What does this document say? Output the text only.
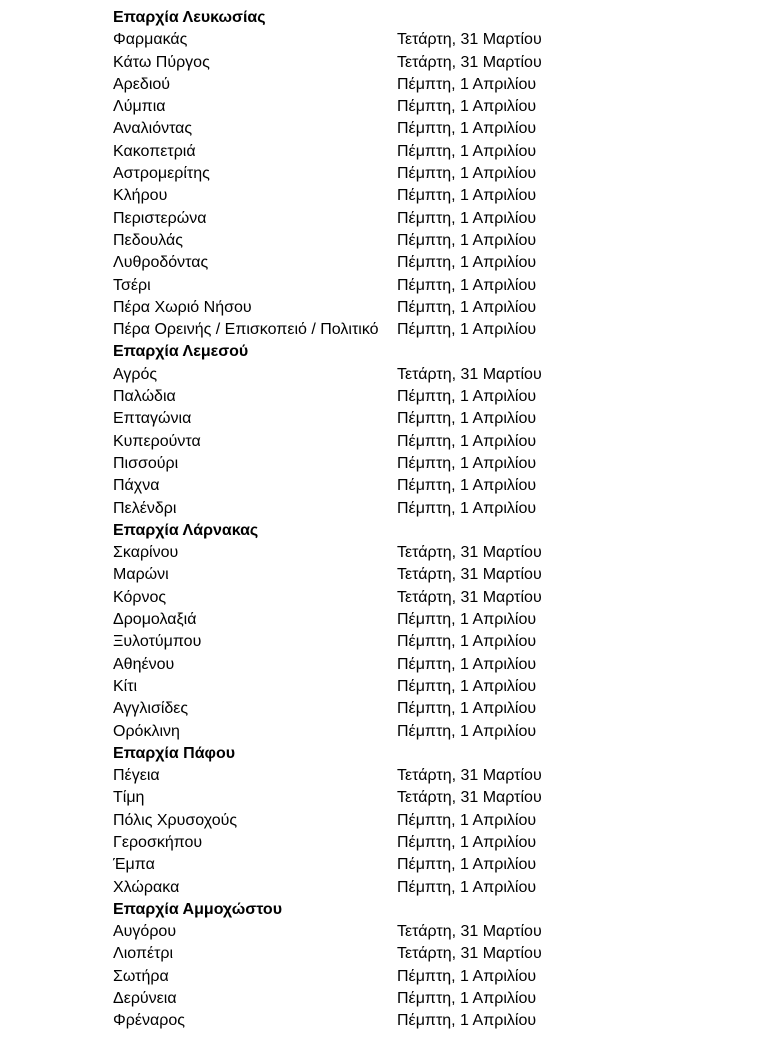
Επαρχία Λευκωσίας
Φαρμακάς	Τετάρτη, 31 Μαρτίου
Κάτω Πύργος	Τετάρτη, 31 Μαρτίου
Αρεδιού	Πέμπτη, 1 Απριλίου
Λύμπια	Πέμπτη, 1 Απριλίου
Αναλιόντας	Πέμπτη, 1 Απριλίου
Κακοπετριά	Πέμπτη, 1 Απριλίου
Αστρομερίτης	Πέμπτη, 1 Απριλίου
Κλήρου	Πέμπτη, 1 Απριλίου
Περιστερώνα	Πέμπτη, 1 Απριλίου
Πεδουλάς	Πέμπτη, 1 Απριλίου
Λυθροδόντας	Πέμπτη, 1 Απριλίου
Τσέρι	Πέμπτη, 1 Απριλίου
Πέρα Χωριό Νήσου	Πέμπτη, 1 Απριλίου
Πέρα Ορεινής / Επισκοπειό / Πολιτικό	Πέμπτη, 1 Απριλίου
Επαρχία Λεμεσού
Αγρός	Τετάρτη, 31 Μαρτίου
Παλώδια	Πέμπτη, 1 Απριλίου
Επταγώνια	Πέμπτη, 1 Απριλίου
Κυπερούντα	Πέμπτη, 1 Απριλίου
Πισσούρι	Πέμπτη, 1 Απριλίου
Πάχνα	Πέμπτη, 1 Απριλίου
Πελένδρι	Πέμπτη, 1 Απριλίου
Επαρχία Λάρνακας
Σκαρίνου	Τετάρτη, 31 Μαρτίου
Μαρώνι	Τετάρτη, 31 Μαρτίου
Κόρνος	Τετάρτη, 31 Μαρτίου
Δρομολαξιά	Πέμπτη, 1 Απριλίου
Ξυλοτύμπου	Πέμπτη, 1 Απριλίου
Αθηένου	Πέμπτη, 1 Απριλίου
Κίτι	Πέμπτη, 1 Απριλίου
Αγγλισίδες	Πέμπτη, 1 Απριλίου
Ορόκλινη	Πέμπτη, 1 Απριλίου
Επαρχία Πάφου
Πέγεια	Τετάρτη, 31 Μαρτίου
Τίμη	Τετάρτη, 31 Μαρτίου
Πόλις Χρυσοχούς	Πέμπτη, 1 Απριλίου
Γεροσκήπου	Πέμπτη, 1 Απριλίου
Έμπα	Πέμπτη, 1 Απριλίου
Χλώρακα	Πέμπτη, 1 Απριλίου
Επαρχία Αμμοχώστου
Αυγόρου	Τετάρτη, 31 Μαρτίου
Λιοπέτρι	Τετάρτη, 31 Μαρτίου
Σωτήρα	Πέμπτη, 1 Απριλίου
Δερύνεια	Πέμπτη, 1 Απριλίου
Φρέναρος	Πέμπτη, 1 Απριλίου
